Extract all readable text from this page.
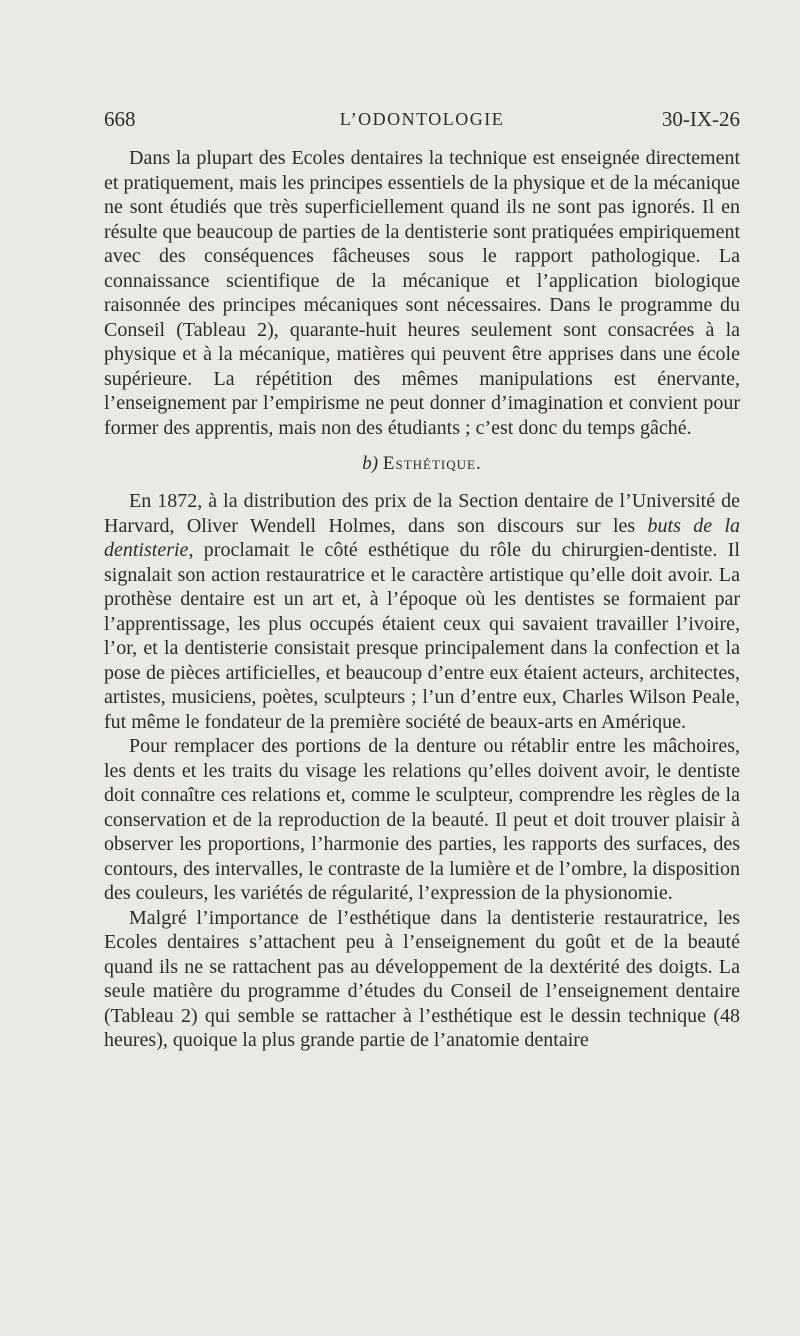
668	L’ODONTOLOGIE	30-IX-26

Dans la plupart des Ecoles dentaires la technique est enseignée directement et pratiquement, mais les principes essentiels de la physique et de la mécanique ne sont étudiés que très superficiellement quand ils ne sont pas ignorés. Il en résulte que beaucoup de parties de la dentisterie sont pratiquées empiriquement avec des conséquences fâcheuses sous le rapport pathologique. La connaissance scientifique de la mécanique et l’application biologique raisonnée des principes mécaniques sont nécessaires. Dans le programme du Conseil (Tableau 2), quarante-huit heures seulement sont consacrées à la physique et à la mécanique, matières qui peuvent être apprises dans une école supérieure. La répétition des mêmes manipulations est énervante, l’enseignement par l’empirisme ne peut donner d’imagination et convient pour former des apprentis, mais non des étudiants ; c’est donc du temps gâché.

b) Esthétique.

En 1872, à la distribution des prix de la Section dentaire de l’Université de Harvard, Oliver Wendell Holmes, dans son discours sur les buts de la dentisterie, proclamait le côté esthétique du rôle du chirurgien-dentiste. Il signalait son action restauratrice et le caractère artistique qu’elle doit avoir. La prothèse dentaire est un art et, à l’époque où les dentistes se formaient par l’apprentissage, les plus occupés étaient ceux qui savaient travailler l’ivoire, l’or, et la dentisterie consistait presque principalement dans la confection et la pose de pièces artificielles, et beaucoup d’entre eux étaient acteurs, architectes, artistes, musiciens, poètes, sculpteurs ; l’un d’entre eux, Charles Wilson Peale, fut même le fondateur de la première société de beaux-arts en Amérique.

Pour remplacer des portions de la denture ou rétablir entre les mâchoires, les dents et les traits du visage les relations qu’elles doivent avoir, le dentiste doit connaître ces relations et, comme le sculpteur, comprendre les règles de la conservation et de la reproduction de la beauté. Il peut et doit trouver plaisir à observer les proportions, l’harmonie des parties, les rapports des surfaces, des contours, des intervalles, le contraste de la lumière et de l’ombre, la disposition des couleurs, les variétés de régularité, l’expression de la physionomie.

Malgré l’importance de l’esthétique dans la dentisterie restauratrice, les Ecoles dentaires s’attachent peu à l’enseignement du goût et de la beauté quand ils ne se rattachent pas au développement de la dextérité des doigts. La seule matière du programme d’études du Conseil de l’enseignement dentaire (Tableau 2) qui semble se rattacher à l’esthétique est le dessin technique (48 heures), quoique la plus grande partie de l’anatomie dentaire
